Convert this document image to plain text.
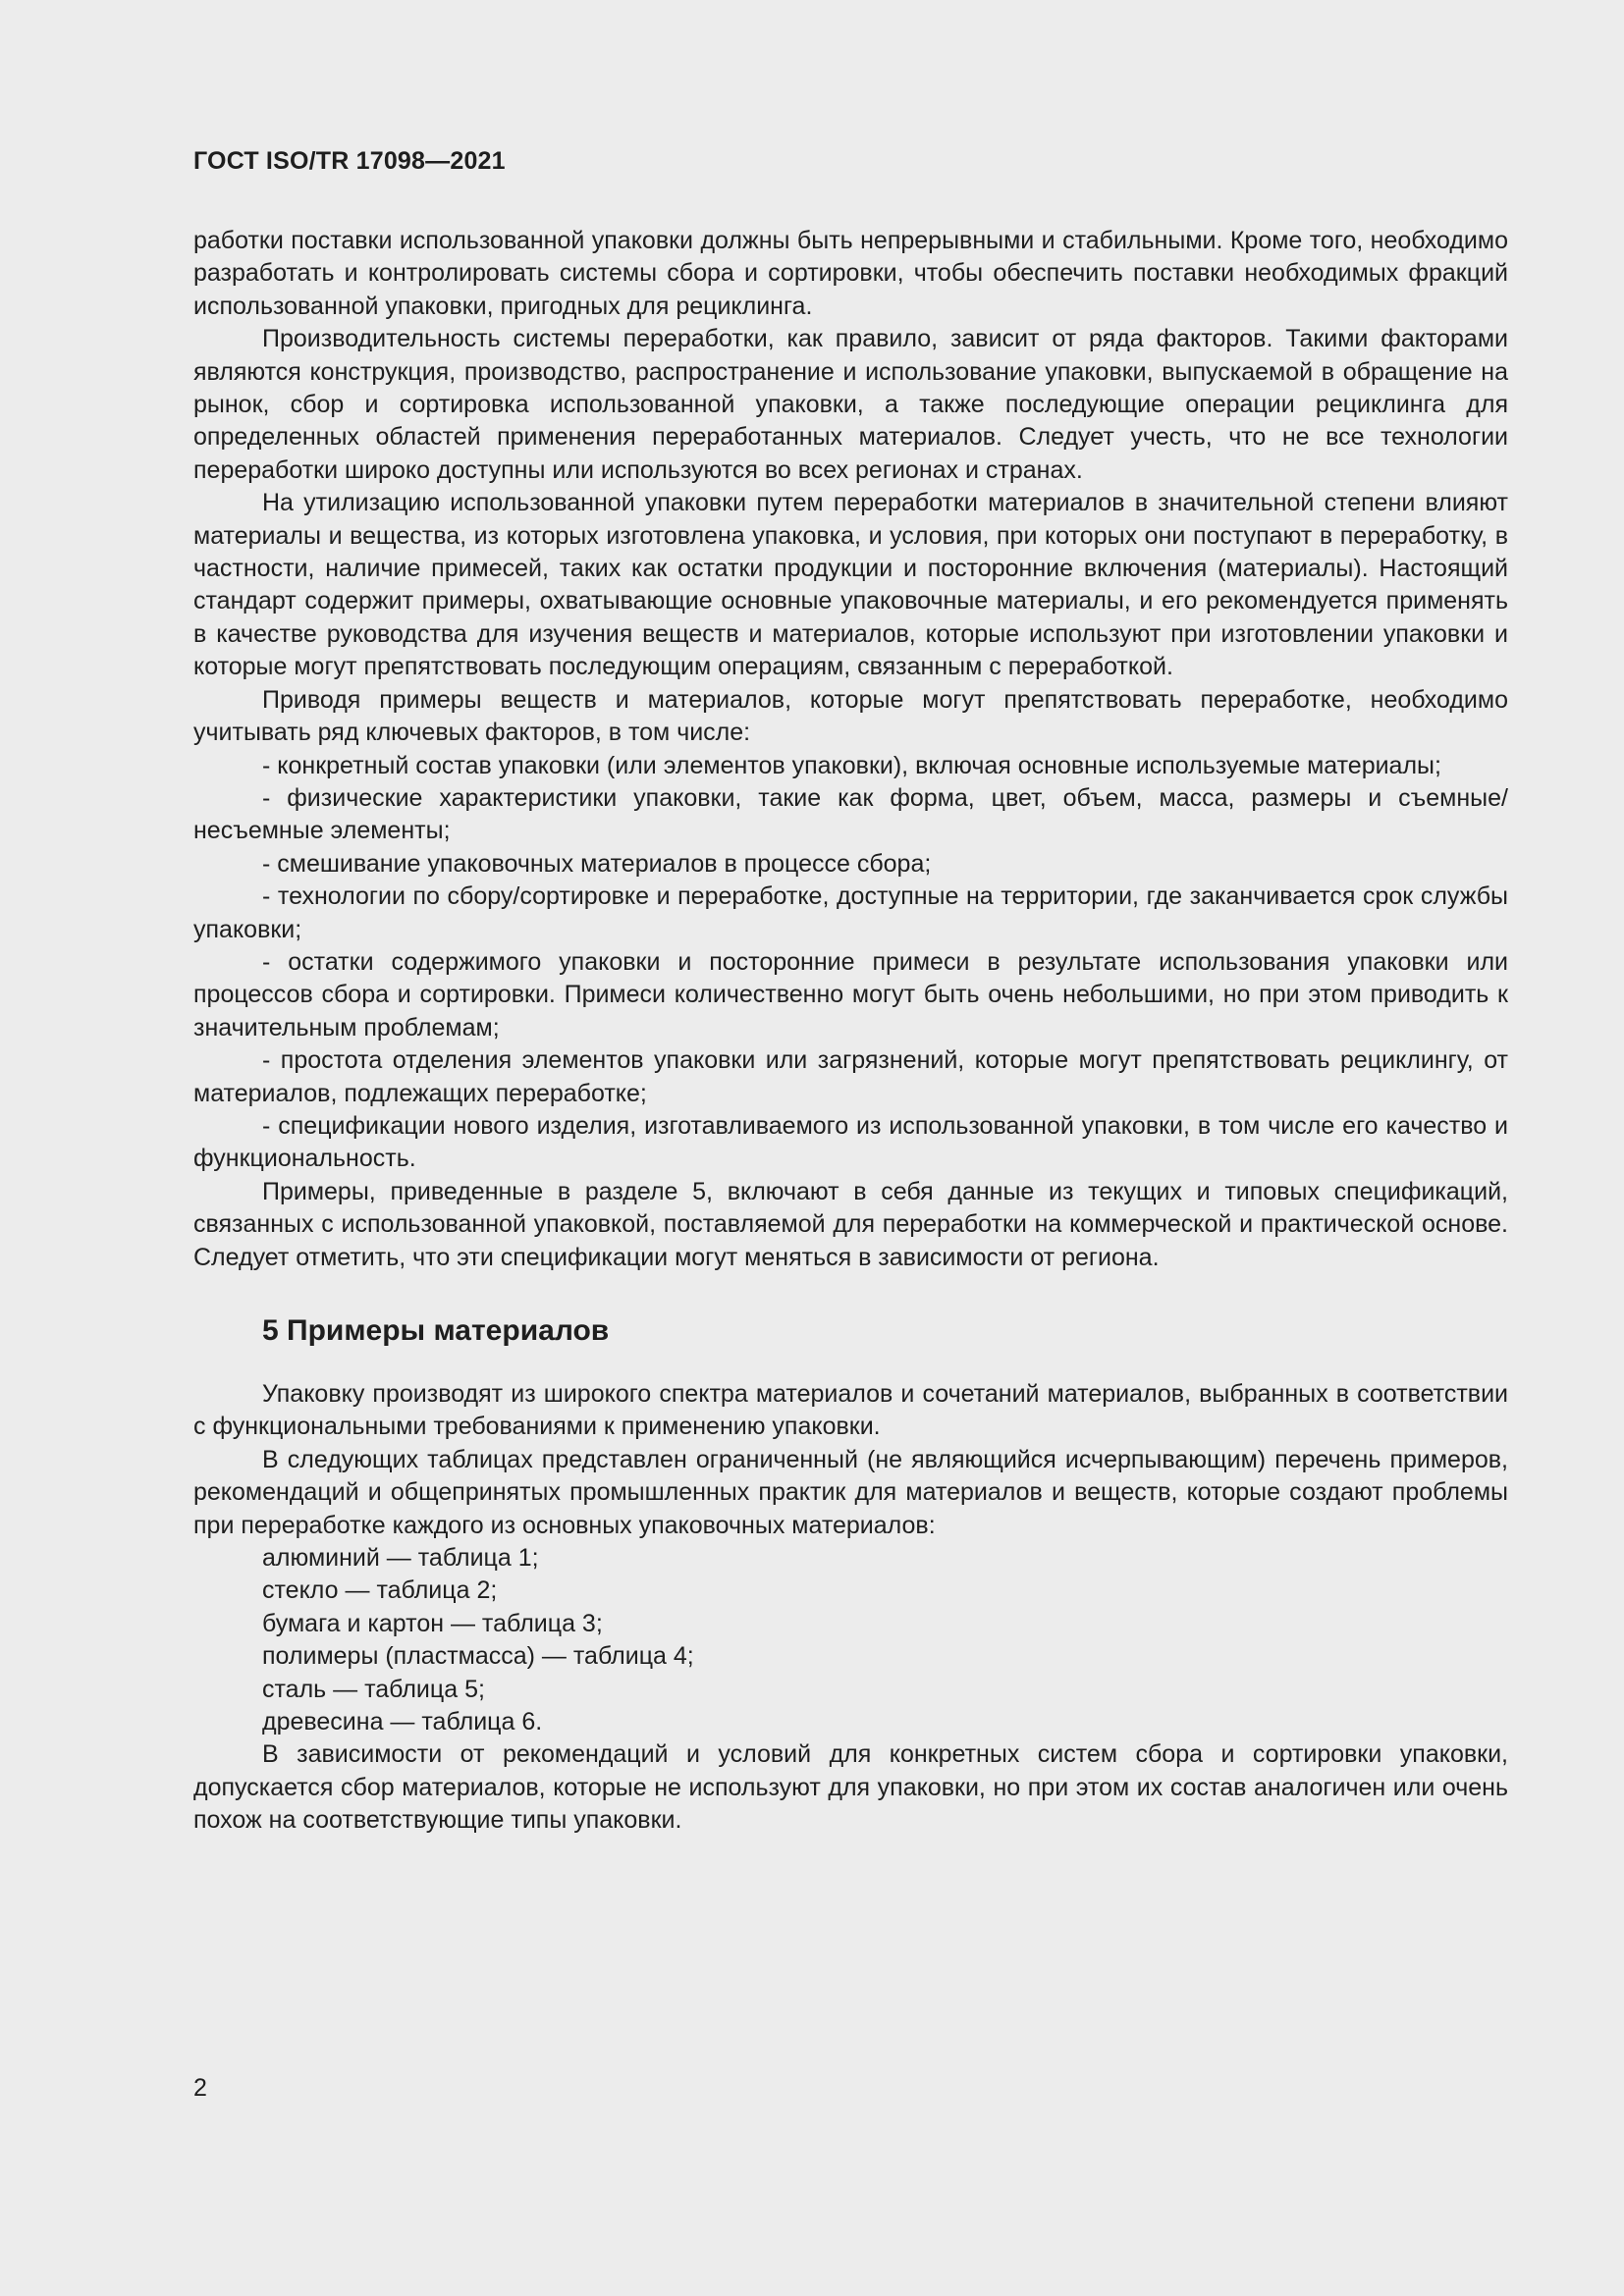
ГОСТ ISO/TR 17098—2021

работки поставки использованной упаковки должны быть непрерывными и стабильными. Кроме того, необходимо разработать и контролировать системы сбора и сортировки, чтобы обеспечить поставки необходимых фракций использованной упаковки, пригодных для рециклинга.

Производительность системы переработки, как правило, зависит от ряда факторов. Такими факторами являются конструкция, производство, распространение и использование упаковки, выпускаемой в обращение на рынок, сбор и сортировка использованной упаковки, а также последующие операции рециклинга для определенных областей применения переработанных материалов. Следует учесть, что не все технологии переработки широко доступны или используются во всех регионах и странах.

На утилизацию использованной упаковки путем переработки материалов в значительной степени влияют материалы и вещества, из которых изготовлена упаковка, и условия, при которых они поступают в переработку, в частности, наличие примесей, таких как остатки продукции и посторонние включения (материалы). Настоящий стандарт содержит примеры, охватывающие основные упаковочные материалы, и его рекомендуется применять в качестве руководства для изучения веществ и материалов, которые используют при изготовлении упаковки и которые могут препятствовать последующим операциям, связанным с переработкой.

Приводя примеры веществ и материалов, которые могут препятствовать переработке, необходимо учитывать ряд ключевых факторов, в том числе:

- конкретный состав упаковки (или элементов упаковки), включая основные используемые материалы;

- физические характеристики упаковки, такие как форма, цвет, объем, масса, размеры и съемные/несъемные элементы;

- смешивание упаковочных материалов в процессе сбора;

- технологии по сбору/сортировке и переработке, доступные на территории, где заканчивается срок службы упаковки;

- остатки содержимого упаковки и посторонние примеси в результате использования упаковки или процессов сбора и сортировки. Примеси количественно могут быть очень небольшими, но при этом приводить к значительным проблемам;

- простота отделения элементов упаковки или загрязнений, которые могут препятствовать рециклингу, от материалов, подлежащих переработке;

- спецификации нового изделия, изготавливаемого из использованной упаковки, в том числе его качество и функциональность.

Примеры, приведенные в разделе 5, включают в себя данные из текущих и типовых спецификаций, связанных с использованной упаковкой, поставляемой для переработки на коммерческой и практической основе. Следует отметить, что эти спецификации могут меняться в зависимости от региона.

5 Примеры материалов

Упаковку производят из широкого спектра материалов и сочетаний материалов, выбранных в соответствии с функциональными требованиями к применению упаковки.

В следующих таблицах представлен ограниченный (не являющийся исчерпывающим) перечень примеров, рекомендаций и общепринятых промышленных практик для материалов и веществ, которые создают проблемы при переработке каждого из основных упаковочных материалов:

алюминий — таблица 1;

стекло — таблица 2;

бумага и картон — таблица 3;

полимеры (пластмасса) — таблица 4;

сталь — таблица 5;

древесина — таблица 6.

В зависимости от рекомендаций и условий для конкретных систем сбора и сортировки упаковки, допускается сбор материалов, которые не используют для упаковки, но при этом их состав аналогичен или очень похож на соответствующие типы упаковки.

2
